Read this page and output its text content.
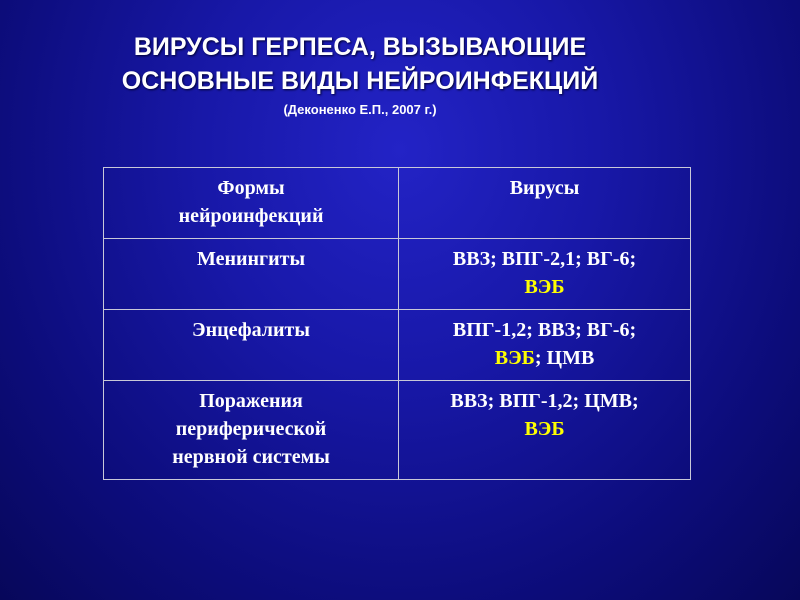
ВИРУСЫ ГЕРПЕСА, ВЫЗЫВАЮЩИЕ
ОСНОВНЫЕ ВИДЫ НЕЙРОИНФЕКЦИЙ
(Деконенко Е.П., 2007 г.)
Формы
нейроинфекций	Вирусы
Менингиты	ВВЗ; ВПГ-2,1; ВГ-6;
ВЭБ
Энцефалиты	ВПГ-1,2; ВВЗ; ВГ-6;
ВЭБ; ЦМВ
Поражения
периферической
нервной системы	ВВЗ; ВПГ-1,2; ЦМВ;
ВЭБ
